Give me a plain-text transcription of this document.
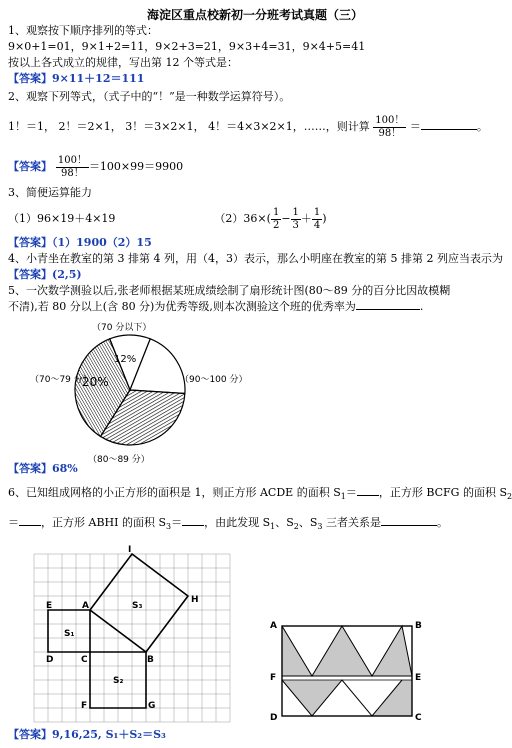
海淀区重点校新初一分班考试真题（三）
1、观察按下顺序排列的等式：
9×0+1=01，9×1+2=11，9×2+3=21，9×3+4=31，9×4+5=41
按以上各式成立的规律，写出第 12 个等式是：
【答案】9×11＋12＝111
2、观察下列等式，（式子中的“！”是一种数学运算符号）。
1！＝1， 2！＝2×1， 3！＝3×2×1， 4！＝4×3×2×1，……，则计算 $\frac{100!}{98!}$ ＝	。
【答案】 $\frac{100!}{98!} =100\times 99=9900$
3、简便运算能力
（1）96×19＋4×19	$(2)36\times( \frac{1}{2} - \frac{1}{3} + \frac{1}{4}$ )
【答案】（1）1900（2）15
4、小青坐在教室的第 3 排第 4 列，用（4，3）表示，那么小明座在教室的第 5 排第 2 列应当表示为
【答案】(2,5)
5、一次数学测验以后,张老师根据某班成绩绘制了扇形统计图(80～89 分的百分比因故模糊
不清),若 80 分以上(含 80 分)为优秀等级,则本次测验这个班的优秀率为	.
（70 分以下）
（70～79 分）
（80～89 分）
（90～100 分）
12%
20%
【答案】68%
6、已知组成网格的小正方形的面积是 1，则正方形 ACDE 的面积 $S_1=$ ，正方形 BCFG 的面积 $S_2$
＝ ，正方形 ABHI 的面积 $S_3=$ ，由此发现 $S_1$、$S_2$、$S_3$ 三者关系是	。
E	A
I
H
B
C
D
F	G
S₁
S₂
S₃
A	B
F	E
D	C
【答案】9,16,25, S₁＋S₂＝S₃
